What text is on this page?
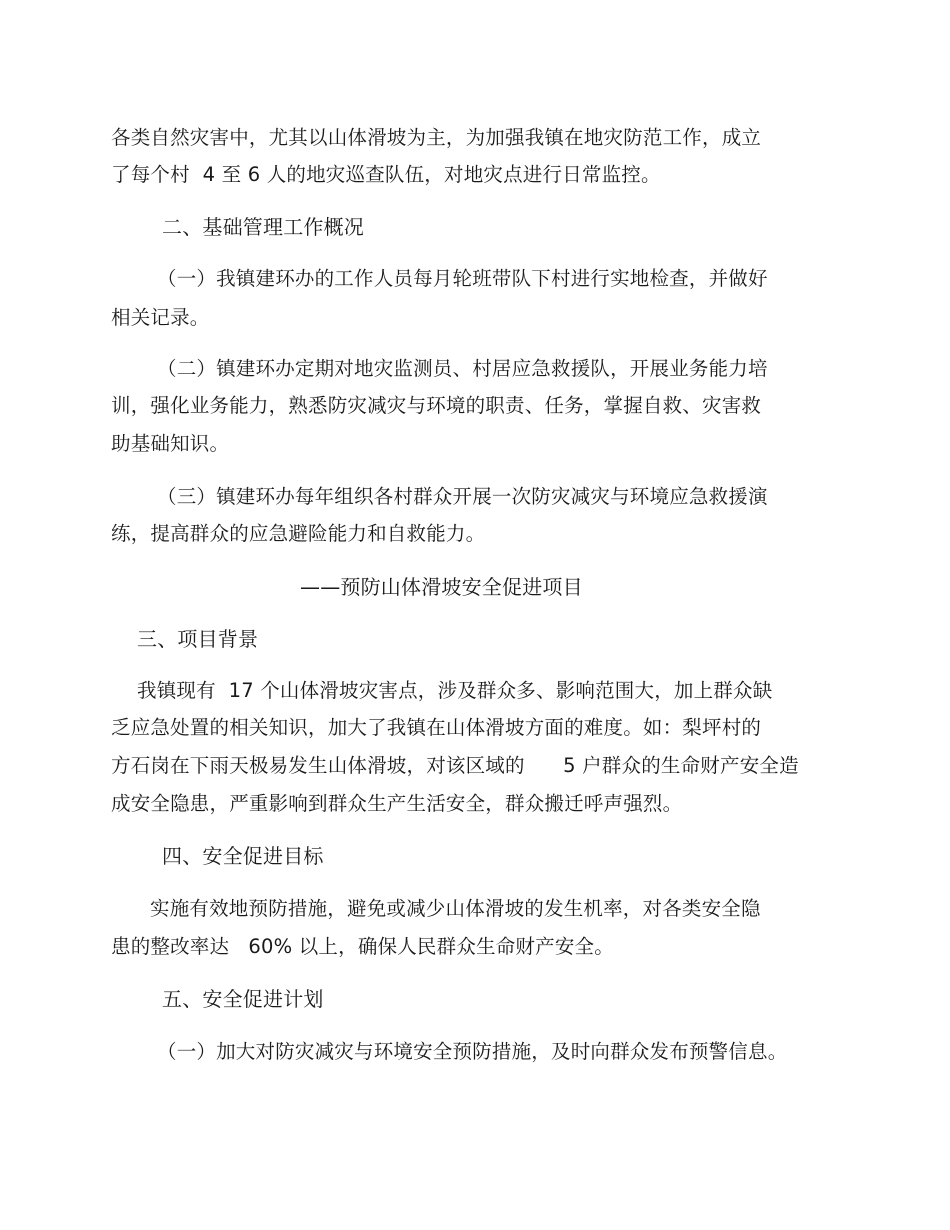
各类自然灾害中，尤其以山体滑坡为主，为加强我镇在地灾防范工作，成立
了每个村  4 至 6 人的地灾巡查队伍，对地灾点进行日常监控。
二、基础管理工作概况
（一）我镇建环办的工作人员每月轮班带队下村进行实地检查，并做好
相关记录。
（二）镇建环办定期对地灾监测员、村居应急救援队，开展业务能力培
训，强化业务能力，熟悉防灾减灾与环境的职责、任务，掌握自救、灾害救
助基础知识。
（三）镇建环办每年组织各村群众开展一次防灾减灾与环境应急救援演
练，提高群众的应急避险能力和自救能力。
——预防山体滑坡安全促进项目
三、项目背景
我镇现有  17 个山体滑坡灾害点，涉及群众多、影响范围大，加上群众缺
乏应急处置的相关知识，加大了我镇在山体滑坡方面的难度。如：梨坪村的
方石岗在下雨天极易发生山体滑坡，对该区域的      5 户群众的生命财产安全造
成安全隐患，严重影响到群众生产生活安全，群众搬迁呼声强烈。
四、安全促进目标
实施有效地预防措施，避免或减少山体滑坡的发生机率，对各类安全隐
患的整改率达   60% 以上，确保人民群众生命财产安全。
五、安全促进计划
（一）加大对防灾减灾与环境安全预防措施，及时向群众发布预警信息。
